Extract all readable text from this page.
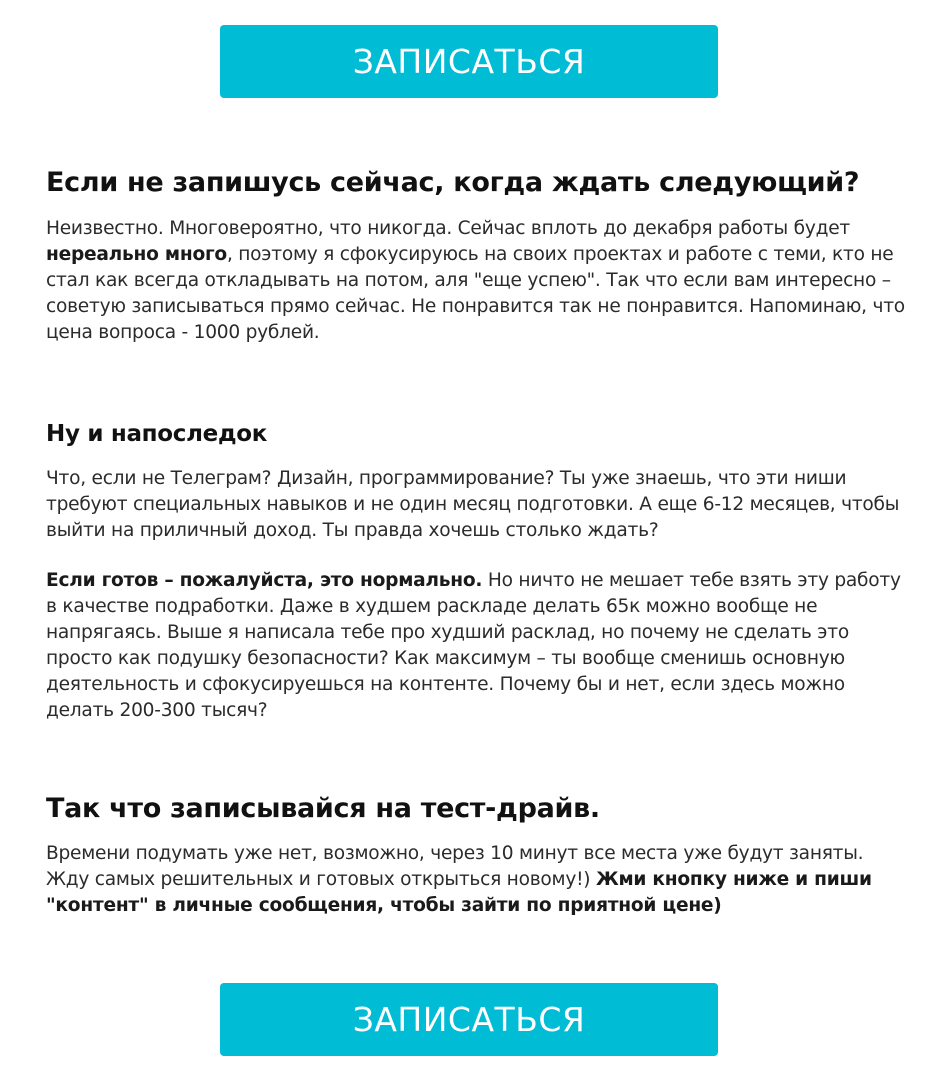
ЗАПИСАТЬСЯ
Если не запишусь сейчас, когда ждать следующий?

Неизвестно. Многовероятно, что никогда. Сейчас вплоть до декабря работы будет нереально много, поэтому я сфокусируюсь на своих проектах и работе с теми, кто не стал как всегда откладывать на потом, аля "еще успею". Так что если вам интересно – советую записываться прямо сейчас. Не понравится так не понравится. Напоминаю, что цена вопроса - 1000 рублей.

Ну и напоследок

Что, если не Телеграм? Дизайн, программирование? Ты уже знаешь, что эти ниши требуют специальных навыков и не один месяц подготовки. А еще 6-12 месяцев, чтобы выйти на приличный доход. Ты правда хочешь столько ждать?

Если готов – пожалуйста, это нормально. Но ничто не мешает тебе взять эту работу в качестве подработки. Даже в худшем раскладе делать 65к можно вообще не напрягаясь. Выше я написала тебе про худший расклад, но почему не сделать это просто как подушку безопасности? Как максимум – ты вообще сменишь основную деятельность и сфокусируешься на контенте. Почему бы и нет, если здесь можно делать 200-300 тысяч?

Так что записывайся на тест-драйв.

Времени подумать уже нет, возможно, через 10 минут все места уже будут заняты. Жду самых решительных и готовых открыться новому!) Жми кнопку ниже и пиши "контент" в личные сообщения, чтобы зайти по приятной цене)

ЗАПИСАТЬСЯ
